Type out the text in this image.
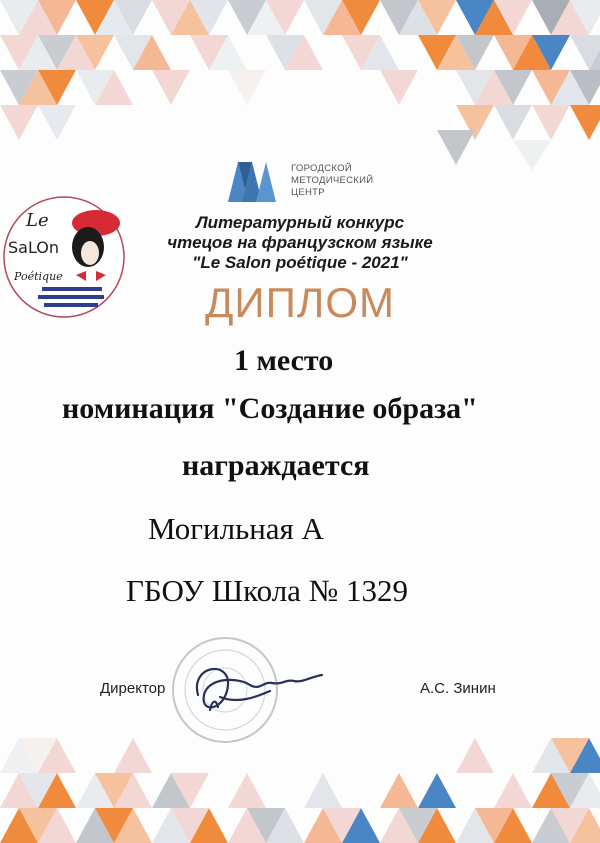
ГОРОДСКОЙ

МЕТОДИЧЕСКИЙ

ЦЕНТР

Le

SaLOn

Poétique

Литературный конкурс

чтецов на французском языке

"Le Salon poétique - 2021"

ДИПЛОМ

1 место

номинация "Создание образа"

награждается

Могильная А

ГБОУ Школа № 1329

Директор	А.С. Зинин
